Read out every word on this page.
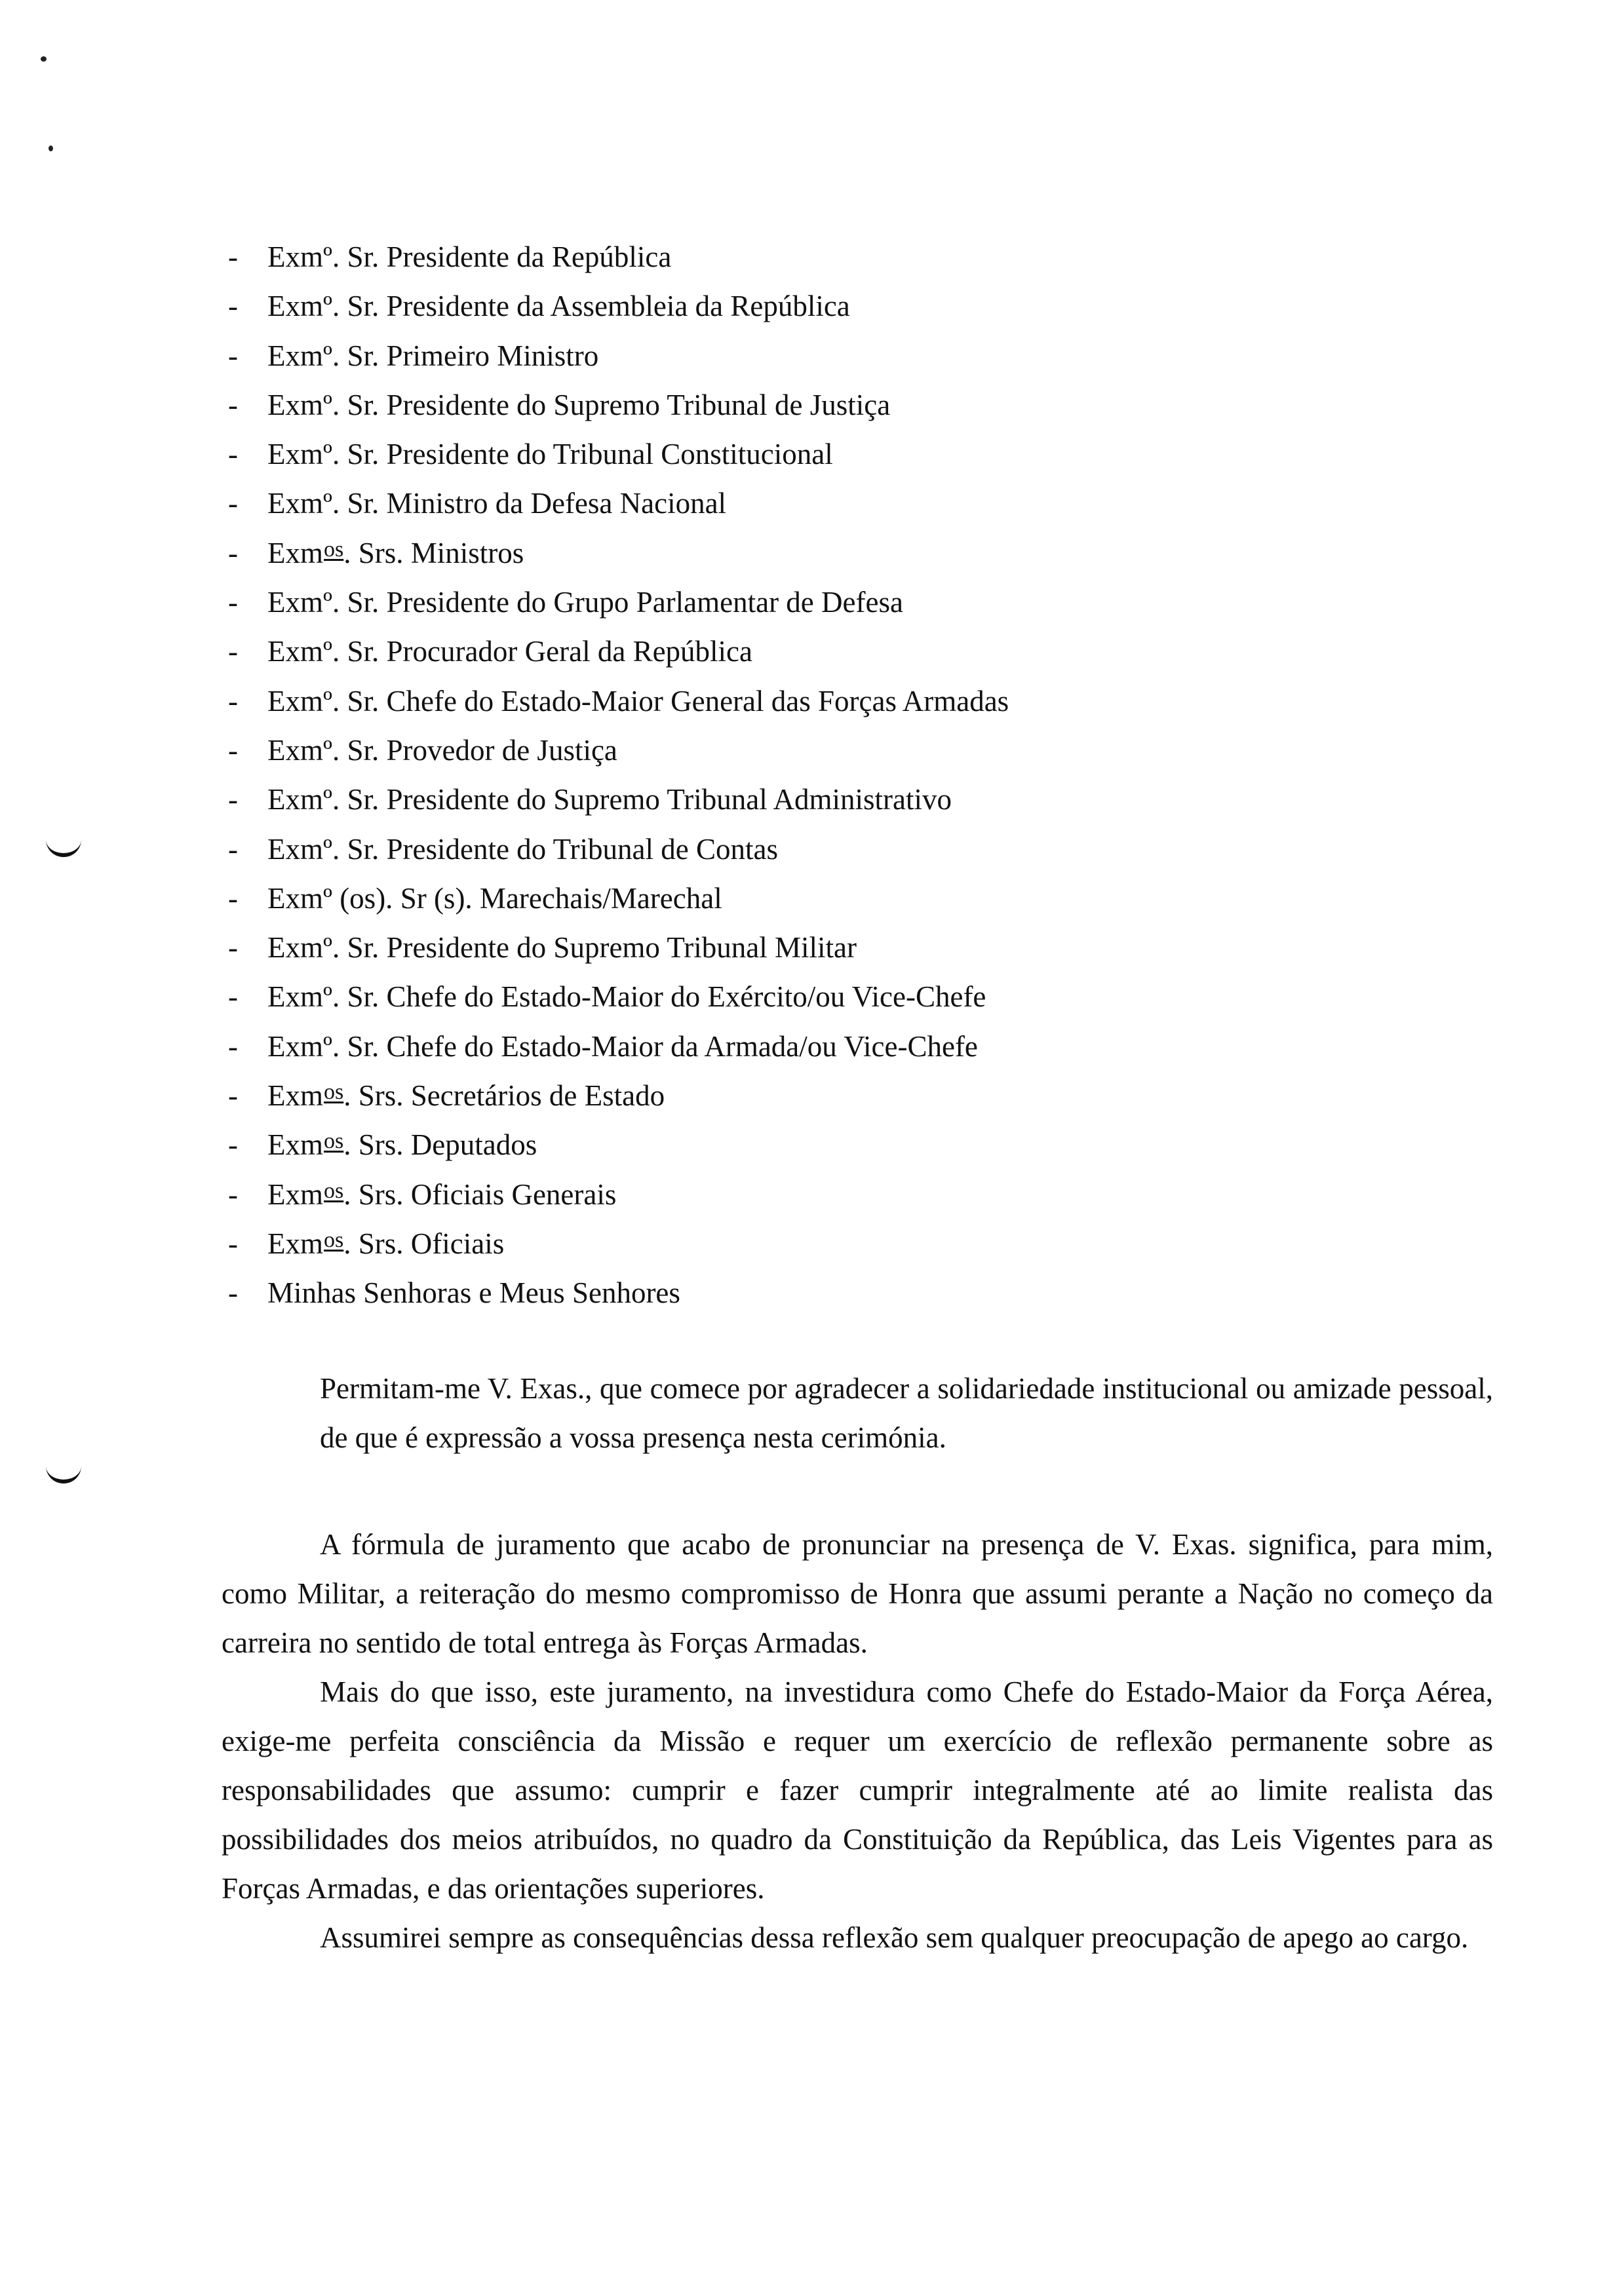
-	Exmº.
Sr. Presidente da República
-	Exmº.
Sr. Presidente da Assembleia da República
-	Exmº.
Sr. Primeiro Ministro
-	Exmº.
Sr. Presidente do Supremo Tribunal de Justiça
-	Exmº.
Sr. Presidente do Tribunal Constitucional
-	Exmº.
Sr. Ministro da Defesa Nacional
-	Exm os .
Srs. Ministros
-	Exmº.
Sr. Presidente do Grupo Parlamentar de Defesa
-	Exmº.
Sr. Procurador Geral da República
-	Exmº.
Sr. Chefe do Estado-Maior General das Forças Armadas
-	Exmº.
Sr. Provedor de Justiça
-	Exmº.
Sr. Presidente do Supremo Tribunal Administrativo
-	Exmº.
Sr. Presidente do Tribunal de Contas
-	Exmº (os).
Sr (s). Marechais/Marechal
-	Exmº.
Sr. Presidente do Supremo Tribunal Militar
-	Exmº.
Sr. Chefe do Estado-Maior do Exército/ou Vice-Chefe
-	Exmº.
Sr. Chefe do Estado-Maior da Armada/ou Vice-Chefe
-	Exm os .
Srs. Secretários de Estado
-	Exm os .
Srs. Deputados
-	Exm os .
Srs. Oficiais Generais
-	Exm os .
Srs. Oficiais
-	Minhas Senhoras e Meus Senhores

Permitam-me V. Exas., que comece por agradecer a solidariedade institucional ou amizade pessoal, de que é expressão a vossa presença nesta cerimónia.

A fórmula de juramento que acabo de pronunciar na presença de V. Exas. significa, para mim, como Militar, a reiteração do mesmo compromisso de Honra que assumi perante a Nação no começo da carreira no sentido de total entrega às Forças Armadas.

Mais do que isso, este juramento, na investidura como Chefe do Estado-Maior da Força Aérea, exige-me perfeita consciência da Missão e requer um exercício de reflexão permanente sobre as responsabilidades que assumo: cumprir e fazer cumprir integralmente até ao limite realista das possibilidades dos meios atribuídos, no quadro da Constituição da República, das Leis Vigentes para as Forças Armadas, e das orientações superiores.

Assumirei sempre as consequências dessa reflexão sem qualquer preocupação de apego ao cargo.
